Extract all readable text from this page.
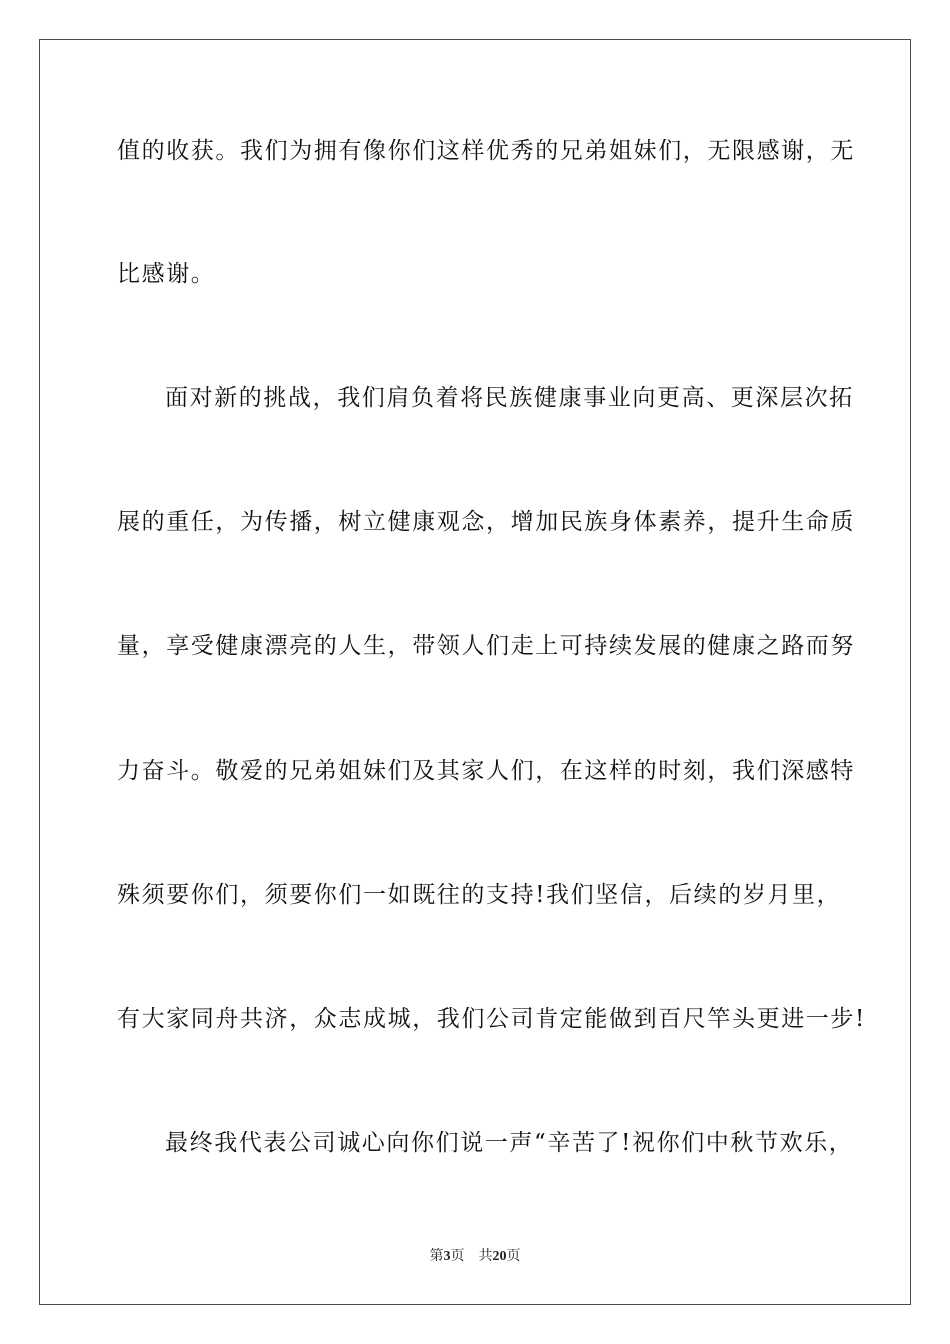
值的收获。我们为拥有像你们这样优秀的兄弟姐妹们，无限感谢，无

比感谢。

面对新的挑战，我们肩负着将民族健康事业向更高、更深层次拓

展的重任，为传播，树立健康观念，增加民族身体素养，提升生命质

量，享受健康漂亮的人生，带领人们走上可持续发展的健康之路而努

力奋斗。敬爱的兄弟姐妹们及其家人们，在这样的时刻，我们深感特

殊须要你们，须要你们一如既往的支持!我们坚信，后续的岁月里，

有大家同舟共济，众志成城，我们公司肯定能做到百尺竿头更进一步!

最终我代表公司诚心向你们说一声“辛苦了!祝你们中秋节欢乐，

第3页 共20页
